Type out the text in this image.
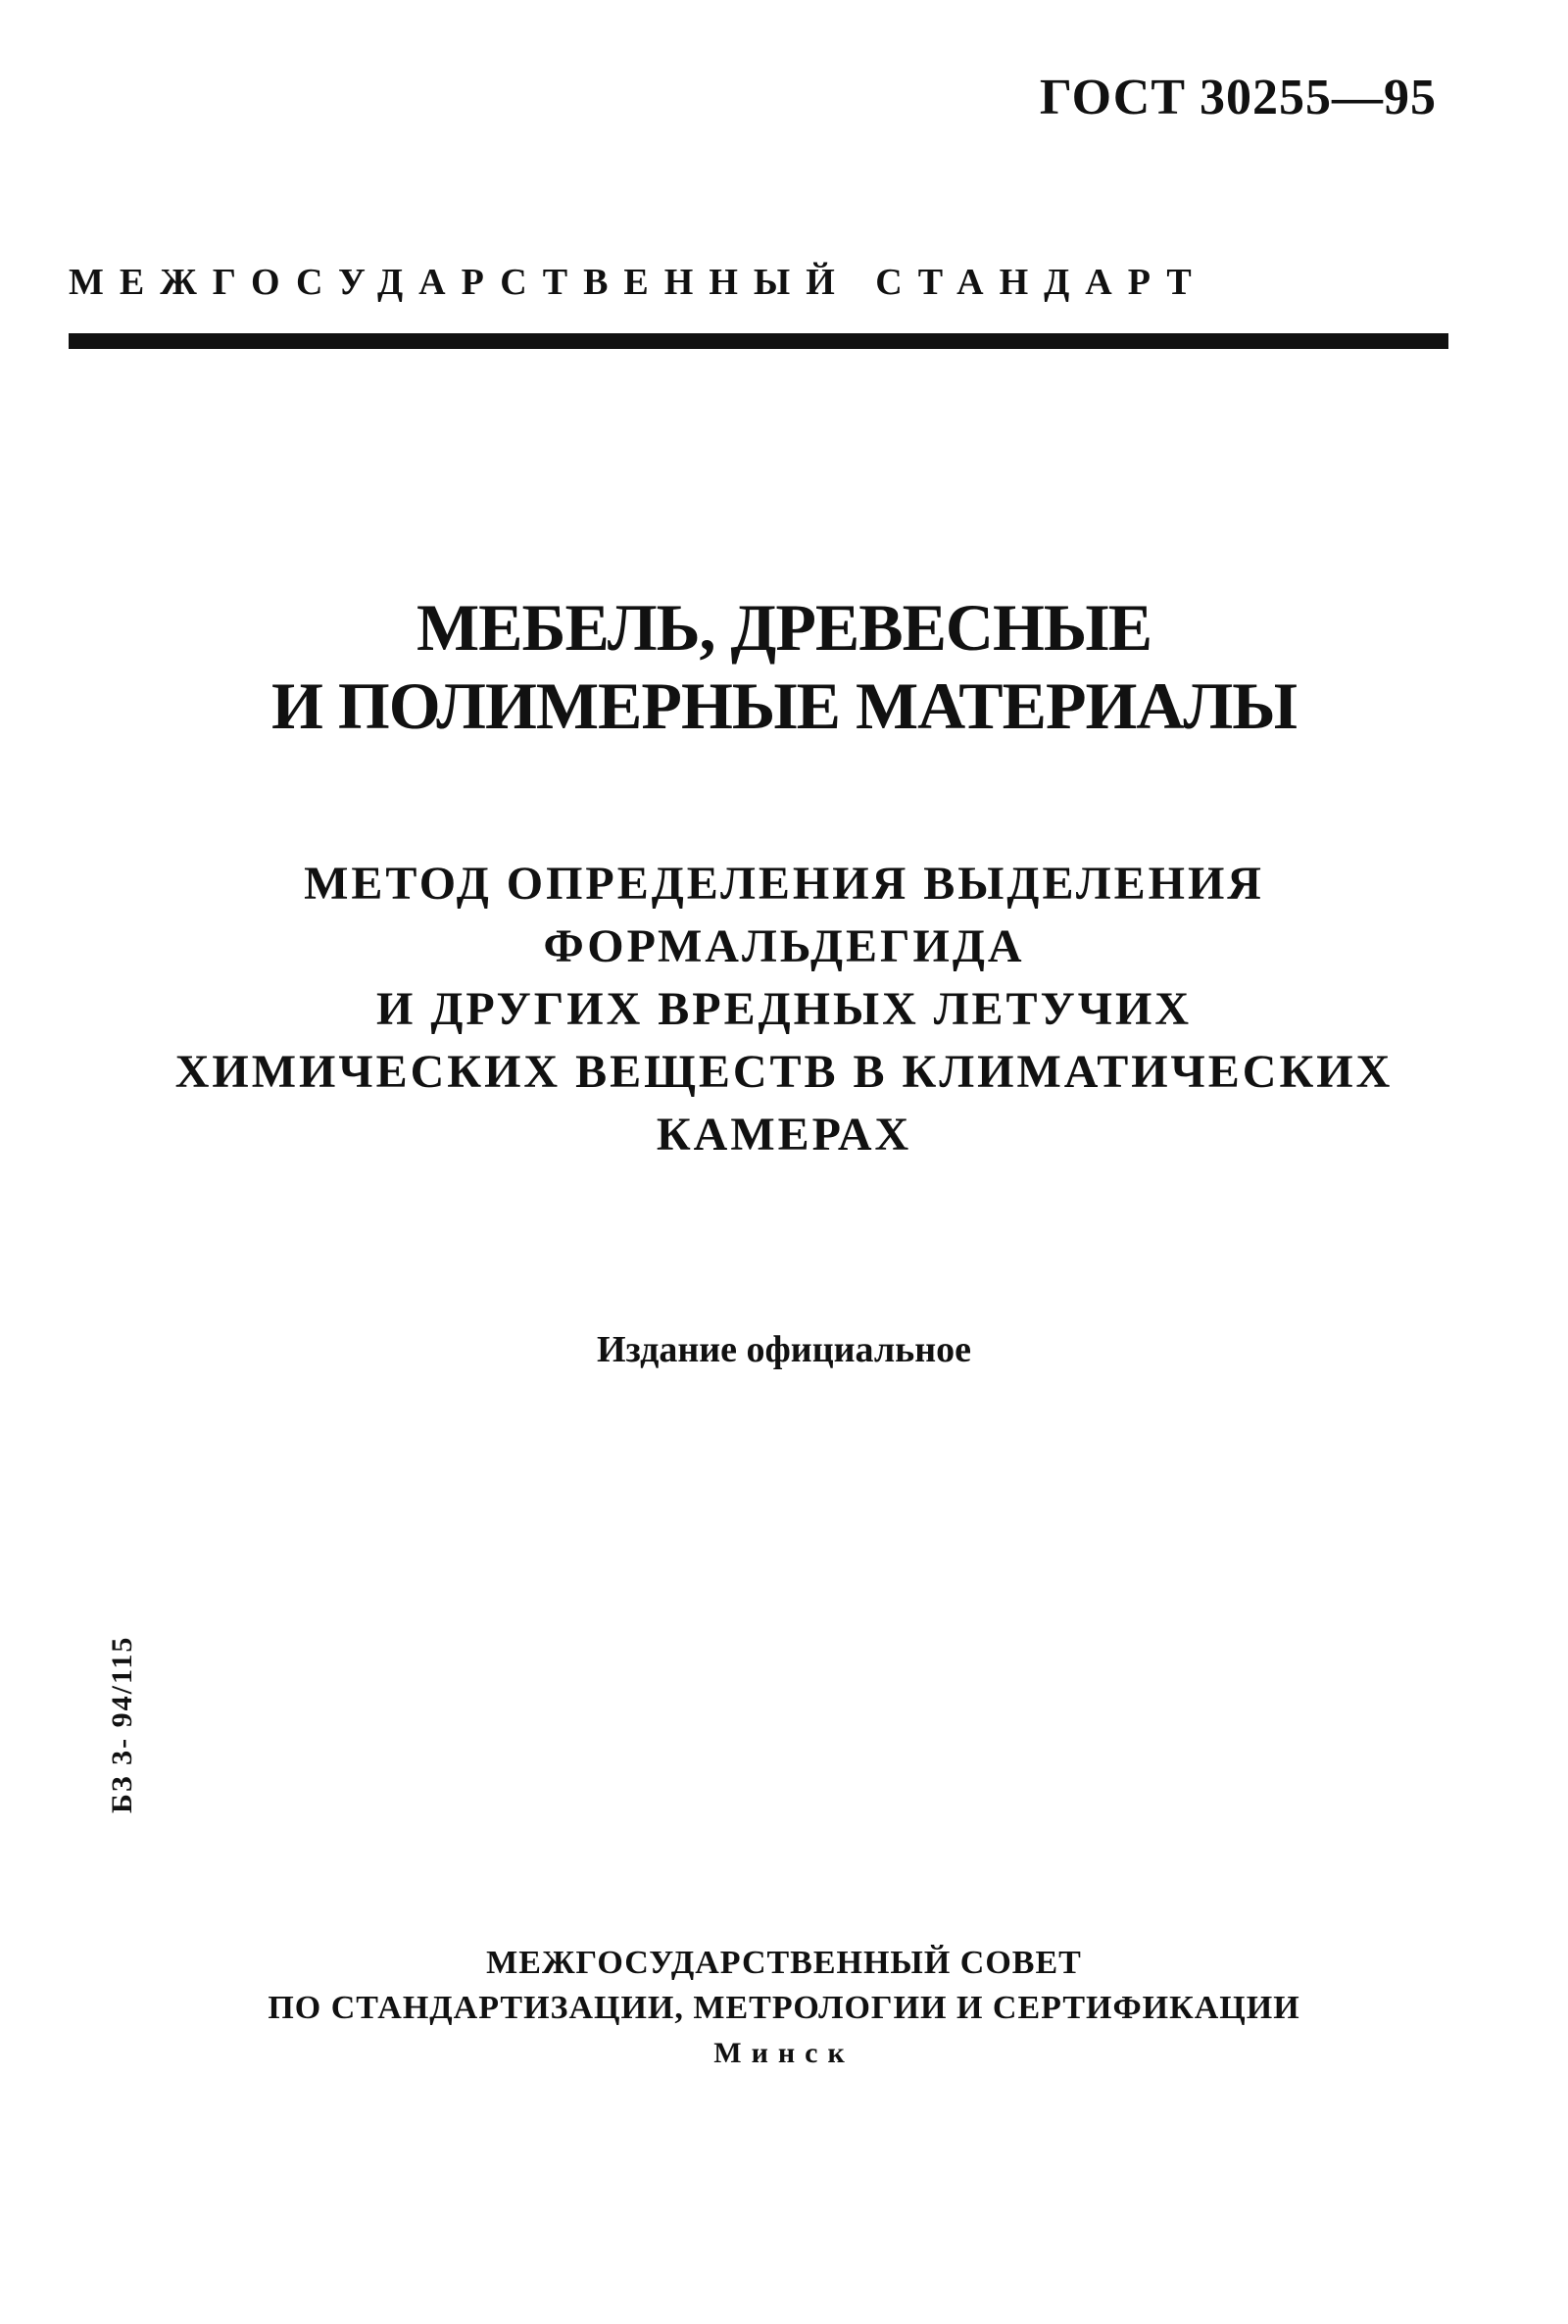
ГОСТ 30255—95
МЕЖГОСУДАРСТВЕННЫЙ СТАНДАРТ
МЕБЕЛЬ, ДРЕВЕСНЫЕ
И ПОЛИМЕРНЫЕ МАТЕРИАЛЫ
МЕТОД ОПРЕДЕЛЕНИЯ ВЫДЕЛЕНИЯ
ФОРМАЛЬДЕГИДА
И ДРУГИХ ВРЕДНЫХ ЛЕТУЧИХ
ХИМИЧЕСКИХ ВЕЩЕСТВ В КЛИМАТИЧЕСКИХ
КАМЕРАХ
Издание официальное
БЗ 3- 94/115
МЕЖГОСУДАРСТВЕННЫЙ СОВЕТ
ПО СТАНДАРТИЗАЦИИ, МЕТРОЛОГИИ И СЕРТИФИКАЦИИ
Минск
